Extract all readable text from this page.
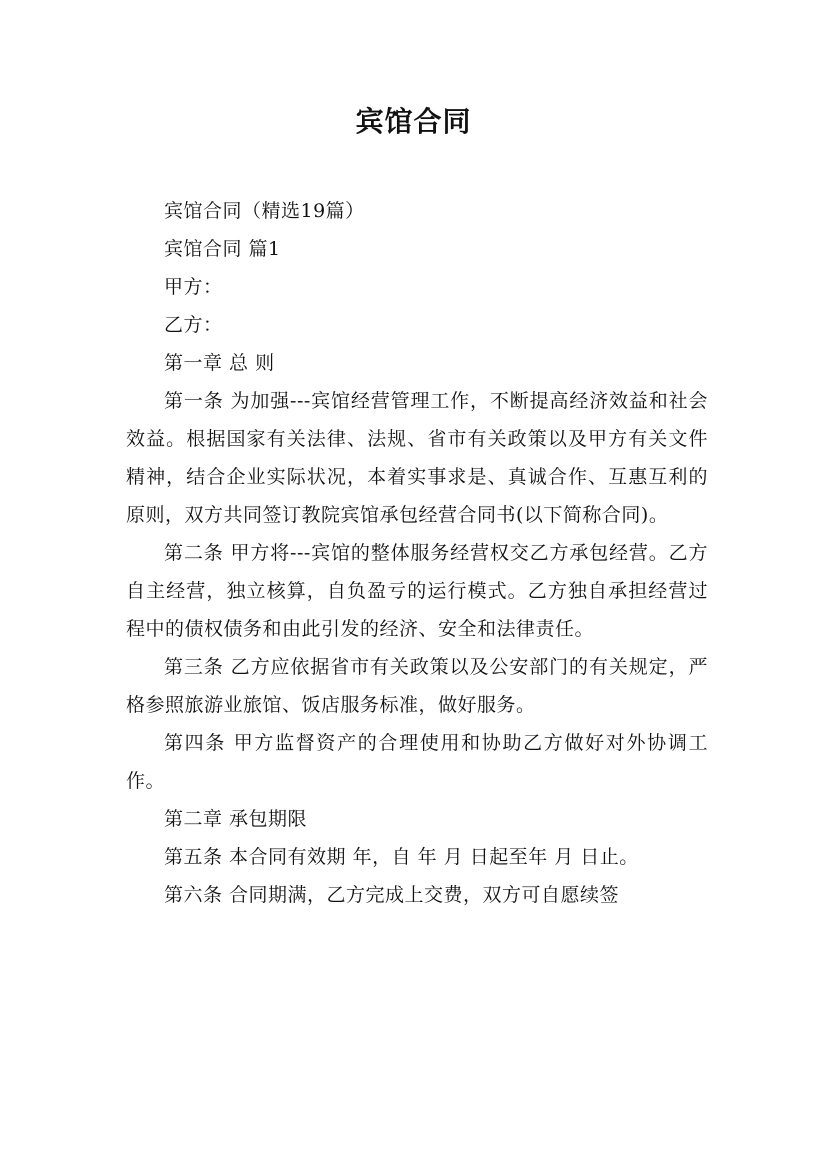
宾馆合同

宾馆合同（精选19篇）

宾馆合同 篇1

甲方：

乙方：

第一章 总 则

第一条 为加强---宾馆经营管理工作，不断提高经济效益和社会效益。根据国家有关法律、法规、省市有关政策以及甲方有关文件精神，结合企业实际状况，本着实事求是、真诚合作、互惠互利的原则，双方共同签订教院宾馆承包经营合同书(以下简称合同)。

第二条 甲方将---宾馆的整体服务经营权交乙方承包经营。乙方自主经营，独立核算，自负盈亏的运行模式。乙方独自承担经营过程中的债权债务和由此引发的经济、安全和法律责任。

第三条 乙方应依据省市有关政策以及公安部门的有关规定，严格参照旅游业旅馆、饭店服务标准，做好服务。

第四条 甲方监督资产的合理使用和协助乙方做好对外协调工作。

第二章 承包期限

第五条 本合同有效期 年，自 年 月 日起至年 月 日止。

第六条 合同期满，乙方完成上交费，双方可自愿续签
